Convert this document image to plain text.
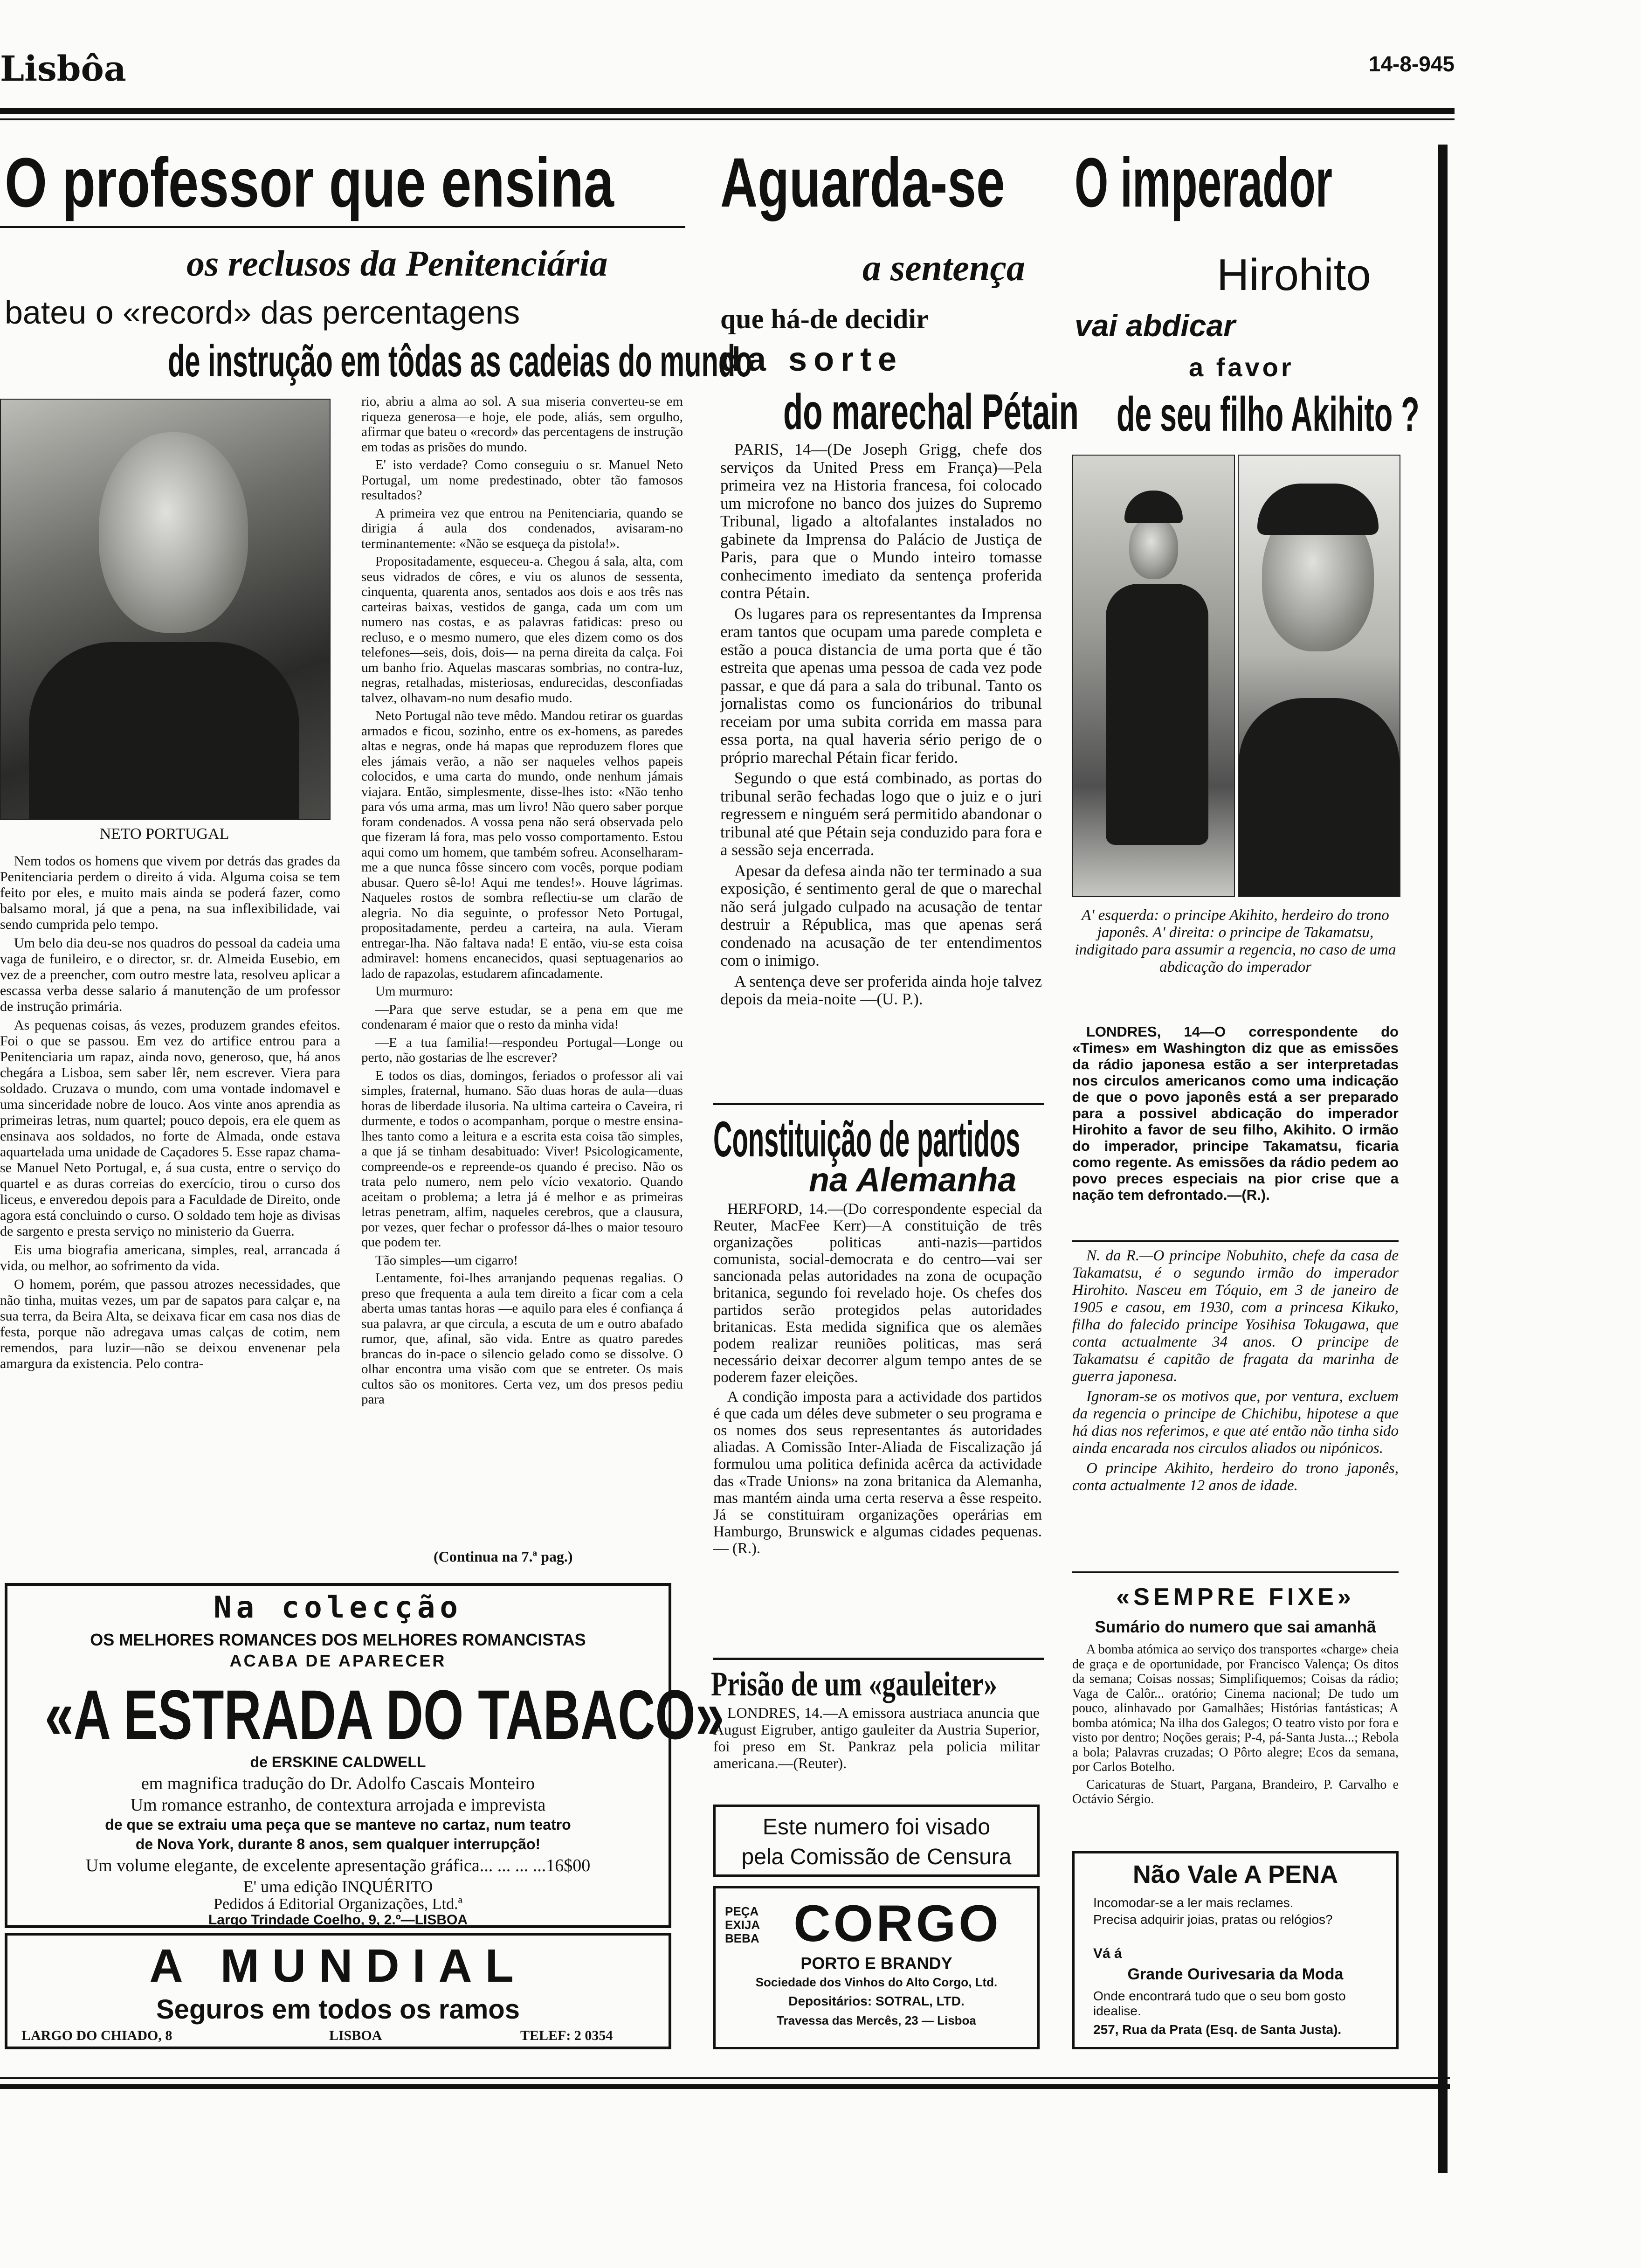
Lisbôa	14-8-945
O professor que ensina
os reclusos da Penitenciária
bateu o «record» das percentagens
de instrução em tôdas as cadeias do mundo
NETO PORTUGAL

Nem todos os homens que vivem por detrás das grades da Penitenciaria perdem o direito á vida. Alguma coisa se tem feito por eles, e muito mais ainda se poderá fazer, como balsamo moral, já que a pena, na sua inflexibilidade, vai sendo cumprida pelo tempo.

Um belo dia deu-se nos quadros do pessoal da cadeia uma vaga de funileiro, e o director, sr. dr. Almeida Eusebio, em vez de a preencher, com outro mestre lata, resolveu aplicar a escassa verba desse salario á manutenção de um professor de instrução primária.

As pequenas coisas, ás vezes, produzem grandes efeitos. Foi o que se passou. Em vez do artifice entrou para a Penitenciaria um rapaz, ainda novo, generoso, que, há anos chegára a Lisboa, sem saber lêr, nem escrever. Viera para soldado. Cruzava o mundo, com uma vontade indomavel e uma sinceridade nobre de louco. Aos vinte anos aprendia as primeiras letras, num quartel; pouco depois, era ele quem as ensinava aos soldados, no forte de Almada, onde estava aquartelada uma unidade de Caçadores 5. Esse rapaz chama-se Manuel Neto Portugal, e, á sua custa, entre o serviço do quartel e as duras correias do exercício, tirou o curso dos liceus, e enveredou depois para a Faculdade de Direito, onde agora está concluindo o curso. O soldado tem hoje as divisas de sargento e presta serviço no ministerio da Guerra.

Eis uma biografia americana, simples, real, arrancada á vida, ou melhor, ao sofrimento da vida.

O homem, porém, que passou atrozes necessidades, que não tinha, muitas vezes, um par de sapatos para calçar e, na sua terra, da Beira Alta, se deixava ficar em casa nos dias de festa, porque não adregava umas calças de cotim, nem remendos, para luzir—não se deixou envenenar pela amargura da existencia. Pelo contra-

rio, abriu a alma ao sol. A sua miseria converteu-se em riqueza generosa—e hoje, ele pode, aliás, sem orgulho, afirmar que bateu o «record» das percentagens de instrução em todas as prisões do mundo.

E' isto verdade? Como conseguiu o sr. Manuel Neto Portugal, um nome predestinado, obter tão famosos resultados?

A primeira vez que entrou na Penitenciaria, quando se dirigia á aula dos condenados, avisaram-no terminantemente: «Não se esqueça da pistola!».

Propositadamente, esqueceu-a. Chegou á sala, alta, com seus vidrados de côres, e viu os alunos de sessenta, cinquenta, quarenta anos, sentados aos dois e aos três nas carteiras baixas, vestidos de ganga, cada um com um numero nas costas, e as palavras fatidicas: preso ou recluso, e o mesmo numero, que eles dizem como os dos telefones—seis, dois, dois— na perna direita da calça. Foi um banho frio. Aquelas mascaras sombrias, no contra-luz, negras, retalhadas, misteriosas, endurecidas, desconfiadas talvez, olhavam-no num desafio mudo.

Neto Portugal não teve mêdo. Mandou retirar os guardas armados e ficou, sozinho, entre os ex-homens, as paredes altas e negras, onde há mapas que reproduzem flores que eles jámais verão, a não ser naqueles velhos papeis colocidos, e uma carta do mundo, onde nenhum jámais viajara. Então, simplesmente, disse-lhes isto: «Não tenho para vós uma arma, mas um livro! Não quero saber porque foram condenados. A vossa pena não será observada pelo que fizeram lá fora, mas pelo vosso comportamento. Estou aqui como um homem, que também sofreu. Aconselharam-me a que nunca fôsse sincero com vocês, porque podiam abusar. Quero sê-lo! Aqui me tendes!». Houve lágrimas. Naqueles rostos de sombra reflectiu-se um clarão de alegria. No dia seguinte, o professor Neto Portugal, propositadamente, perdeu a carteira, na aula. Vieram entregar-lha. Não faltava nada! E então, viu-se esta coisa admiravel: homens encanecidos, quasi septuagenarios ao lado de rapazolas, estudarem afincadamente.

Um murmuro:

—Para que serve estudar, se a pena em que me condenaram é maior que o resto da minha vida!

—E a tua familia!—respondeu Portugal—Longe ou perto, não gostarias de lhe escrever?

E todos os dias, domingos, feriados o professor ali vai simples, fraternal, humano. São duas horas de aula—duas horas de liberdade ilusoria. Na ultima carteira o Caveira, ri durmente, e todos o acompanham, porque o mestre ensina-lhes tanto como a leitura e a escrita esta coisa tão simples, a que já se tinham desabituado: Viver! Psicologicamente, compreende-os e repreende-os quando é preciso. Não os trata pelo numero, nem pelo vício vexatorio. Quando aceitam o problema; a letra já é melhor e as primeiras letras penetram, alfim, naqueles cerebros, que a clausura, por vezes, quer fechar o professor dá-lhes o maior tesouro que podem ter.

Tão simples—um cigarro!

Lentamente, foi-lhes arranjando pequenas regalias. O preso que frequenta a aula tem direito a ficar com a cela aberta umas tantas horas —e aquilo para eles é confiança á sua palavra, ar que circula, a escuta de um e outro abafado rumor, que, afinal, são vida. Entre as quatro paredes brancas do in-pace o silencio gelado como se dissolve. O olhar encontra uma visão com que se entreter. Os mais cultos são os monitores. Certa vez, um dos presos pediu para

(Continua na 7.ª pag.)
Na colecção
OS MELHORES ROMANCES DOS MELHORES ROMANCISTAS
ACABA DE APARECER
«A ESTRADA DO TABACO»
de ERSKINE CALDWELL
em magnifica tradução do Dr. Adolfo Cascais Monteiro
Um romance estranho, de contextura arrojada e imprevista
de que se extraiu uma peça que se manteve no cartaz, num teatro
de Nova York, durante 8 anos, sem qualquer interrupção!
Um volume elegante, de excelente apresentação gráfica... ... ... ...16$00
E' uma edição INQUÉRITO
Pedidos á Editorial Organizações, Ltd.ª
Largo Trindade Coelho, 9, 2.º—LISBOA
A MUNDIAL
Seguros em todos os ramos
LARGO DO CHIADO, 8	LISBOA	TELEF: 2 0354
Aguarda-se
a sentença
que há-de decidir
da sorte
do marechal Pétain

PARIS, 14—(De Joseph Grigg, chefe dos serviços da United Press em França)—Pela primeira vez na Historia francesa, foi colocado um microfone no banco dos juizes do Supremo Tribunal, ligado a altofalantes instalados no gabinete da Imprensa do Palácio de Justiça de Paris, para que o Mundo inteiro tomasse conhecimento imediato da sentença proferida contra Pétain.

Os lugares para os representantes da Imprensa eram tantos que ocupam uma parede completa e estão a pouca distancia de uma porta que é tão estreita que apenas uma pessoa de cada vez pode passar, e que dá para a sala do tribunal. Tanto os jornalistas como os funcionários do tribunal receiam por uma subita corrida em massa para essa porta, na qual haveria sério perigo de o próprio marechal Pétain ficar ferido.

Segundo o que está combinado, as portas do tribunal serão fechadas logo que o juiz e o juri regressem e ninguém será permitido abandonar o tribunal até que Pétain seja conduzido para fora e a sessão seja encerrada.

Apesar da defesa ainda não ter terminado a sua exposição, é sentimento geral de que o marechal não será julgado culpado na acusação de tentar destruir a Républica, mas que apenas será condenado na acusação de ter entendimentos com o inimigo.

A sentença deve ser proferida ainda hoje talvez depois da meia-noite —(U. P.).

Constituição de partidos
na Alemanha

HERFORD, 14.—(Do correspondente especial da Reuter, MacFee Kerr)—A constituição de três organizações politicas anti-nazis—partidos comunista, social-democrata e do centro—vai ser sancionada pelas autoridades na zona de ocupação britanica, segundo foi revelado hoje. Os chefes dos partidos serão protegidos pelas autoridades britanicas. Esta medida significa que os alemães podem realizar reuniões politicas, mas será necessário deixar decorrer algum tempo antes de se poderem fazer eleições.

A condição imposta para a actividade dos partidos é que cada um déles deve submeter o seu programa e os nomes dos seus representantes ás autoridades aliadas. A Comissão Inter-Aliada de Fiscalização já formulou uma politica definida acêrca da actividade das «Trade Unions» na zona britanica da Alemanha, mas mantém ainda uma certa reserva a êsse respeito. Já se constituiram organizações operárias em Hamburgo, Brunswick e algumas cidades pequenas.— (R.).

Prisão de um «gauleiter»

LONDRES, 14.—A emissora austriaca anuncia que August Eigruber, antigo gauleiter da Austria Superior, foi preso em St. Pankraz pela policia militar americana.—(Reuter).

Este numero foi visado
pela Comissão de Censura
PEÇA
EXIJA
BEBA CORGO
PORTO E BRANDY
Sociedade dos Vinhos do Alto Corgo, Ltd.
Depositários: SOTRAL, LTD.
Travessa das Mercês, 23 — Lisboa
O imperador
Hirohito
vai abdicar
a favor
de seu filho Akihito ?
A' esquerda: o principe Akihito, herdeiro do trono japonês. A' direita: o principe de Takamatsu, indigitado para assumir a regencia, no caso de uma abdicação do imperador

LONDRES, 14—O correspondente do «Times» em Washington diz que as emissões da rádio japonesa estão a ser interpretadas nos circulos americanos como uma indicação de que o povo japonês está a ser preparado para a possivel abdicação do imperador Hirohito a favor de seu filho, Akihito. O irmão do imperador, principe Takamatsu, ficaria como regente. As emissões da rádio pedem ao povo preces especiais na pior crise que a nação tem defrontado.—(R.).

N. da R.—O principe Nobuhito, chefe da casa de Takamatsu, é o segundo irmão do imperador Hirohito. Nasceu em Tóquio, em 3 de janeiro de 1905 e casou, em 1930, com a princesa Kikuko, filha do falecido principe Yosihisa Tokugawa, que conta actualmente 34 anos. O principe de Takamatsu é capitão de fragata da marinha de guerra japonesa.

Ignoram-se os motivos que, por ventura, excluem da regencia o principe de Chichibu, hipotese a que há dias nos referimos, e que até então não tinha sido ainda encarada nos circulos aliados ou nipónicos.

O principe Akihito, herdeiro do trono japonês, conta actualmente 12 anos de idade.

«SEMPRE FIXE»
Sumário do numero que sai amanhã

A bomba atómica ao serviço dos transportes «charge» cheia de graça e de oportunidade, por Francisco Valença; Os ditos da semana; Coisas nossas; Simplifiquemos; Coisas da rádio; Vaga de Calôr... oratório; Cinema nacional; De tudo um pouco, alinhavado por Gamalhães; Histórias fantásticas; A bomba atómica; Na ilha dos Galegos; O teatro visto por fora e visto por dentro; Noções gerais; P-4, pá-Santa Justa...; Rebola a bola; Palavras cruzadas; O Pôrto alegre; Ecos da semana, por Carlos Botelho.

Caricaturas de Stuart, Pargana, Brandeiro, P. Carvalho e Octávio Sérgio.

Não Vale A PENA
Incomodar-se a ler mais reclames.
Precisa adquirir joias, pratas ou relógios?
Vá á
Grande Ourivesaria da Moda
Onde encontrará tudo que o seu bom gosto idealise.
257, Rua da Prata (Esq. de Santa Justa).
